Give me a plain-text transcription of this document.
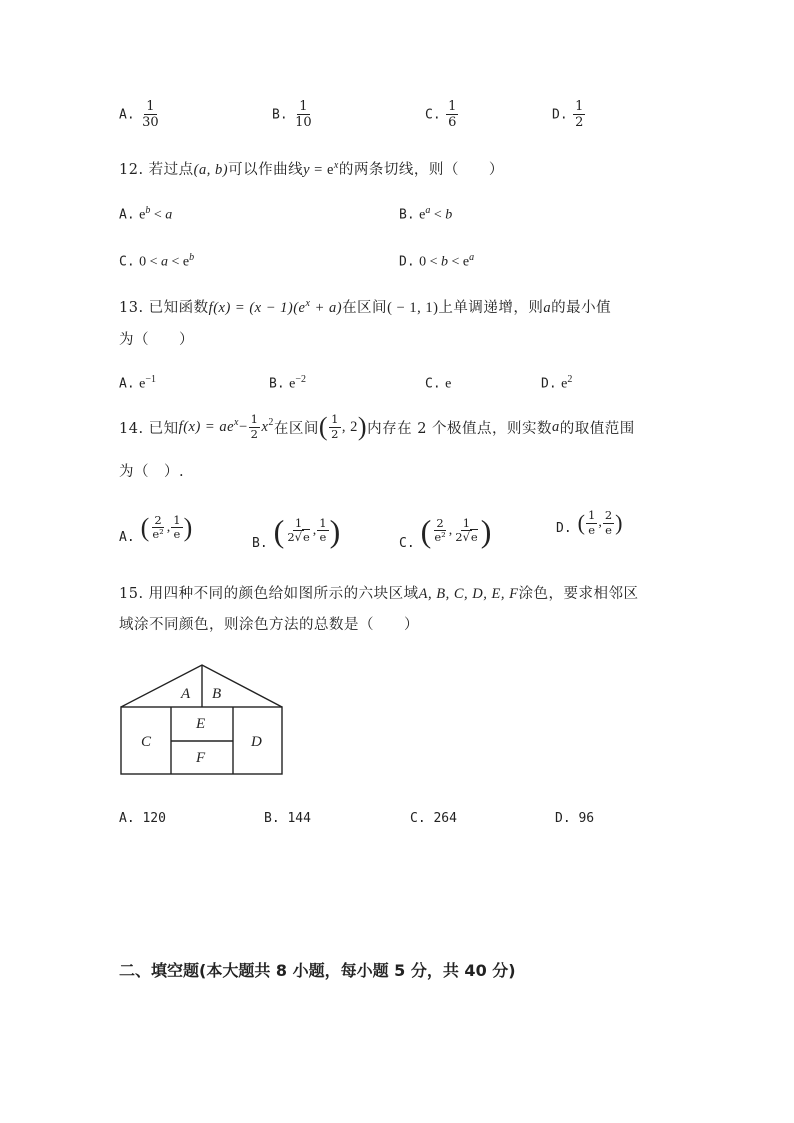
A. $\frac{1}{30}$	B. $\frac{1}{10}$	C. $\frac{1}{6}$	D. $\frac{1}{2}$
12. 若过点(a, b)可以作曲线$y = e^x$的两条切线，则（　　）
A. $e^b < a$	B. $e^a < b$
C. $0 < a < e^b$	D. $0 < b < e^a$
13. 已知函数$f(x) = (x - 1)(e^x + a)$在区间( − 1, 1)上单调递增，则a的最小值
为（　　）
A. $e^{-1}$	B. $e^{-2}$	C. e	D. $e^2$
14. 已知 $f(x) = ae^x - \frac{1}{2} x^2$ 在区间 ( $\frac{1}{2}$ , 2 ) 内存在 2 个极值点，则实数 a 的取值范围
为（　）.
A. ( $\frac{2}{\text{e²}}$ , $\frac{1}{e}$ )
B. ( $\frac{1}{2√e}$ , $\frac{1}{e}$ )	C. ( $\frac{2}{\text{e²}}$ , $\frac{1}{2√e}$ )	D. ( $\frac{1}{e}$ , $\frac{2}{e}$ )
15. 用四种不同的颜色给如图所示的六块区域A, B, C, D, E, F涂色，要求相邻区
域涂不同颜色，则涂色方法的总数是（　　）
A B
C	D
E
F
A. 120	B. 144	C. 264	D. 96
二、填空题(本大题共 8 小题，每小题 5 分，共 40 分)
